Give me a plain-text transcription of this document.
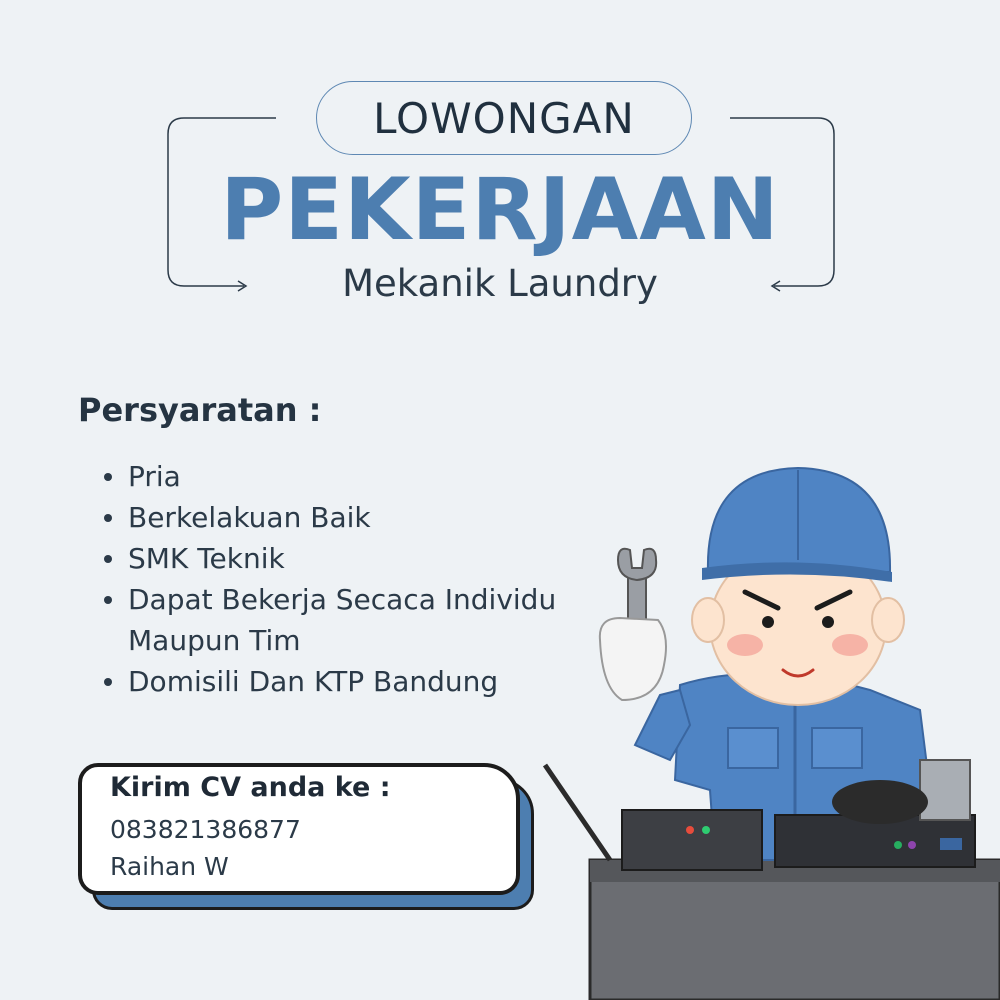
LOWONGAN
PEKERJAAN
Mekanik Laundry
Persyaratan :
Pria
Berkelakuan Baik
SMK Teknik
Dapat Bekerja Secaca Individu Maupun Tim
Domisili Dan KTP Bandung
Kirim CV anda ke :
083821386877
Raihan W
